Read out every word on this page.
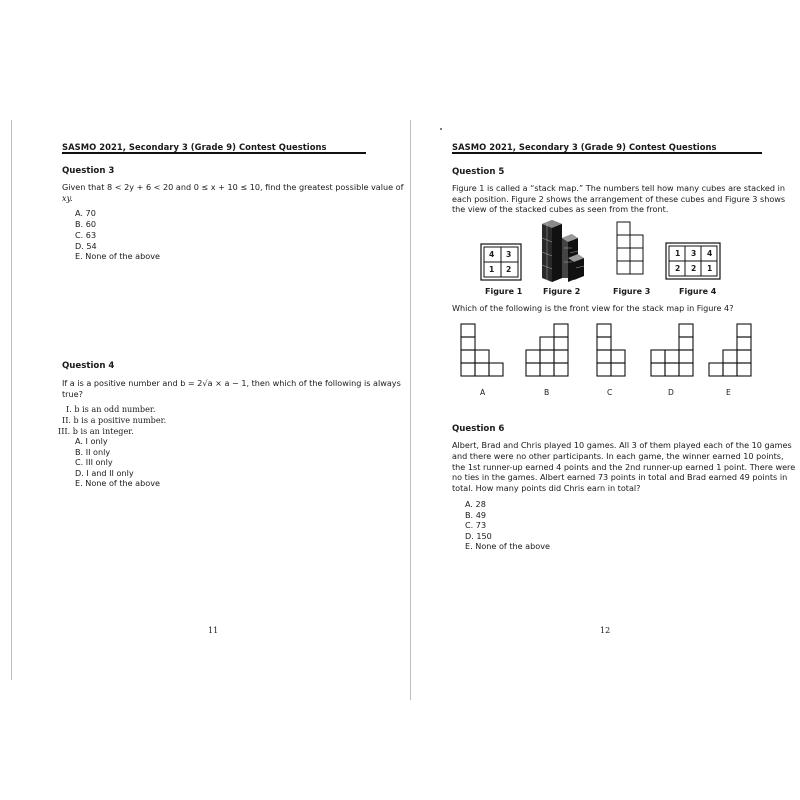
SASMO 2021, Secondary 3 (Grade 9) Contest Questions
Question 3
Given that 8 < 2y + 6 < 20 and 0 ≤ x + 10 ≤ 10, find the greatest possible value of
xy.
A. 70
B. 60
C. 63
D. 54
E. None of the above
Question 4
If a is a positive number and b = 2√a × a − 1, then which of the following is always
true?
I. b is an odd number.
II. b is a positive number.
III. b is an integer.
A. I only
B. II only
C. III only
D. I and II only
E. None of the above
11
SASMO 2021, Secondary 3 (Grade 9) Contest Questions
Question 5
Figure 1 is called a “stack map.” The numbers tell how many cubes are stacked in
each position. Figure 2 shows the arrangement of these cubes and Figure 3 shows
the view of the stacked cubes as seen from the front.
4 3
1 2
1 3 4
2 2 1
Figure 1	Figure 2	Figure 3	Figure 4
Which of the following is the front view for the stack map in Figure 4?
A	B	C	D	E
Question 6
Albert, Brad and Chris played 10 games. All 3 of them played each of the 10 games
and there were no other participants. In each game, the winner earned 10 points,
the 1st runner-up earned 4 points and the 2nd runner-up earned 1 point. There were
no ties in the games. Albert earned 73 points in total and Brad earned 49 points in
total. How many points did Chris earn in total?
A. 28
B. 49
C. 73
D. 150
E. None of the above
12
